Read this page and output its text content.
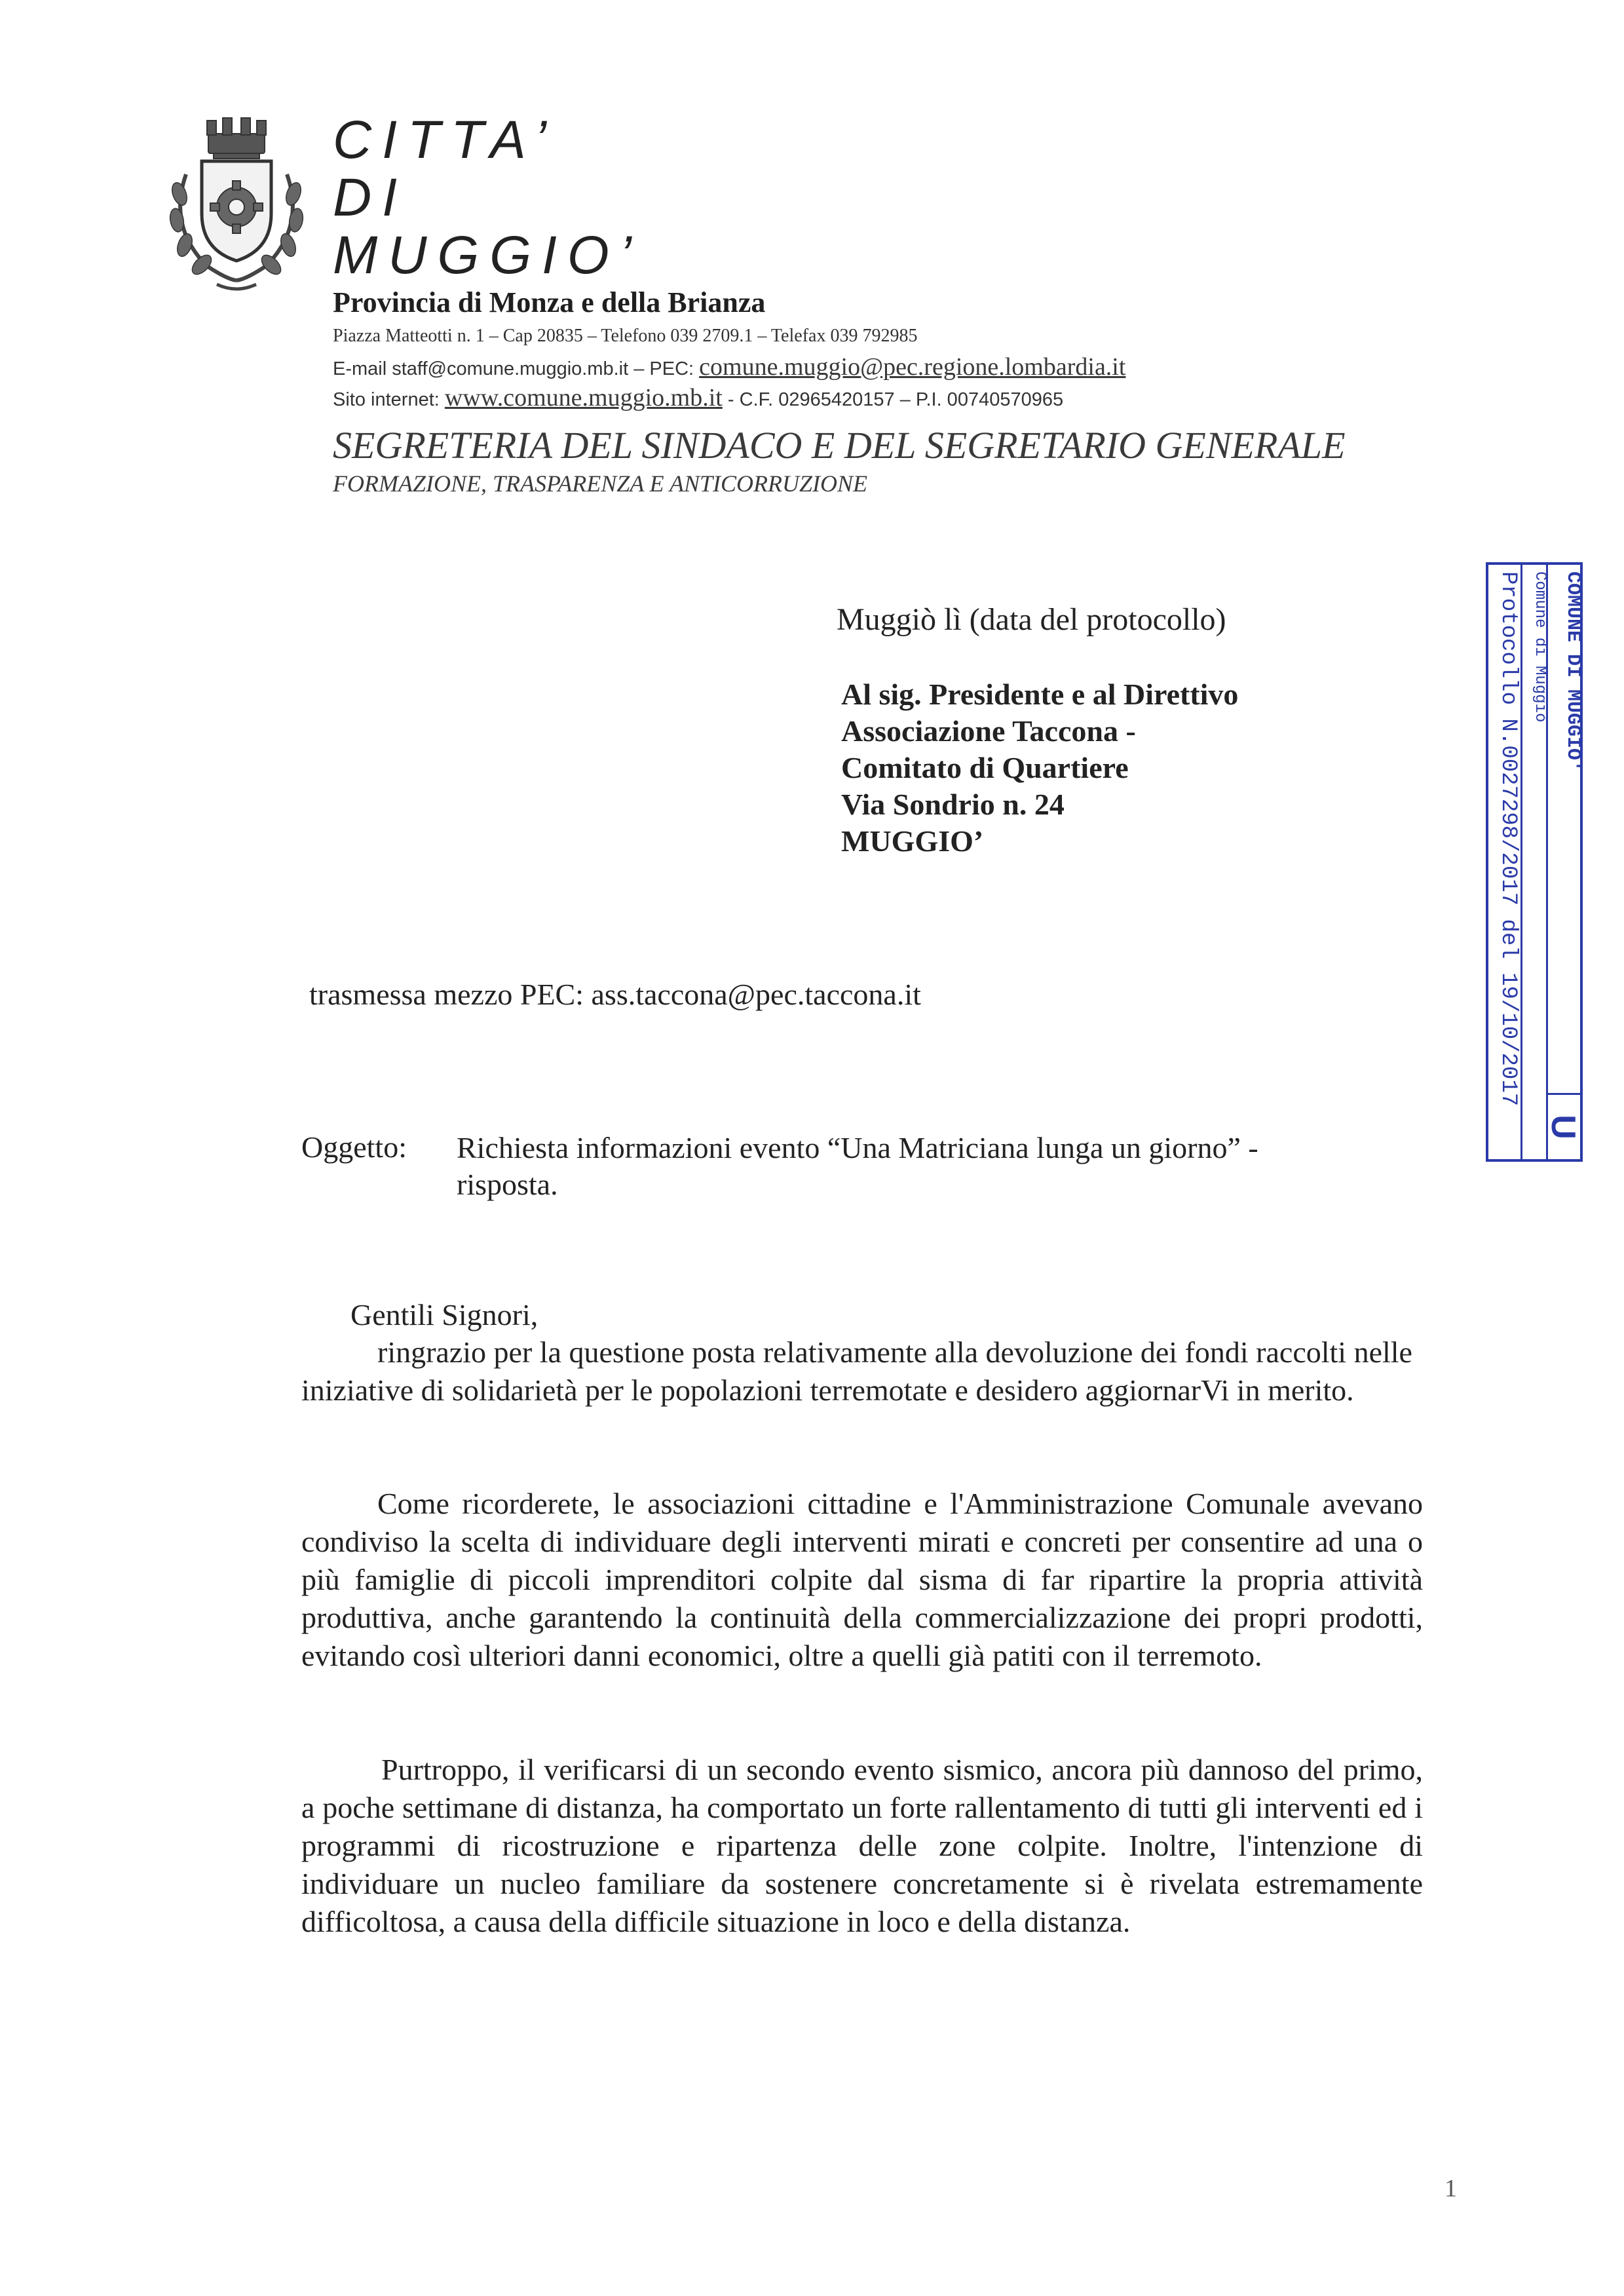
CITTA’
DI
MUGGIO’
Provincia di Monza e della Brianza
Piazza Matteotti n. 1 – Cap 20835 – Telefono 039 2709.1 – Telefax 039 792985
E-mail staff@comune.muggio.mb.it – PEC: comune.muggio@pec.regione.lombardia.it
Sito internet: www.comune.muggio.mb.it - C.F. 02965420157 – P.I. 00740570965
SEGRETERIA DEL SINDACO E DEL SEGRETARIO GENERALE
FORMAZIONE, TRASPARENZA E ANTICORRUZIONE
Protocollo N.0027298/2017 del 19/10/2017 Comune di Muggiò COMUNE DI MUGGIO'
U
Muggiò lì (data del protocollo)
Al sig. Presidente e al Direttivo
Associazione Taccona -
Comitato di Quartiere
Via Sondrio n. 24
MUGGIO’
trasmessa mezzo PEC: ass.taccona@pec.taccona.it
Oggetto: Richiesta informazioni evento “Una Matriciana lunga un giorno” - risposta.
Gentili Signori,
ringrazio per la questione posta relativamente alla devoluzione dei fondi raccolti nelle iniziative di solidarietà per le popolazioni terremotate e desidero aggiornarVi in merito.
Come ricorderete, le associazioni cittadine e l'Amministrazione Comunale avevano condiviso la scelta di individuare degli interventi mirati e concreti per consentire ad una o più famiglie di piccoli imprenditori colpite dal sisma di far ripartire la propria attività produttiva, anche garantendo la continuità della commercializzazione dei propri prodotti, evitando così ulteriori danni economici, oltre a quelli già patiti con il terremoto.
Purtroppo, il verificarsi di un secondo evento sismico, ancora più dannoso del primo, a poche settimane di distanza, ha comportato un forte rallentamento di tutti gli interventi ed i programmi di ricostruzione e ripartenza delle zone colpite. Inoltre, l'intenzione di individuare un nucleo familiare da sostenere concretamente si è rivelata estremamente difficoltosa, a causa della difficile situazione in loco e della distanza.
1
